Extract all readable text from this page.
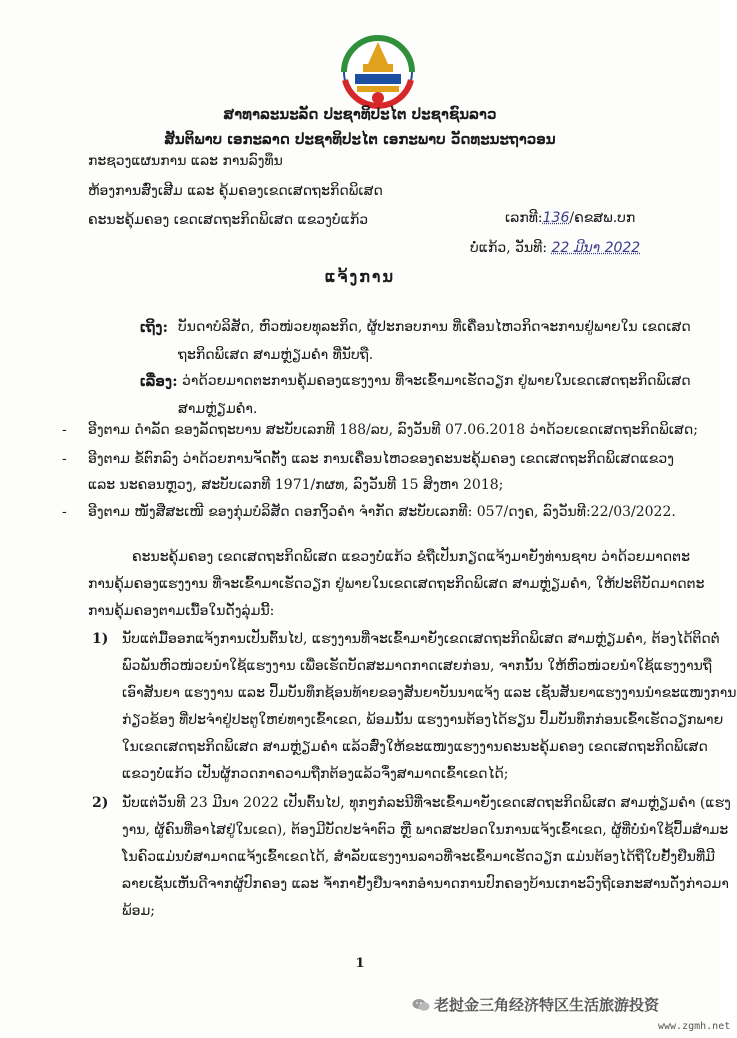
ສາທາລະນະລັດ ປະຊາທິປະໄຕ ປະຊາຊົນລາວ
ສັນຕິພາບ ເອກະລາດ ປະຊາທິປະໄຕ ເອກະພາບ ວັດທະນະຖາວອນ
ກະຊວງແຜນການ ແລະ ການລົງທຶນ
ຫ້ອງການສົ່ງເສີມ ແລະ ຄຸ້ມຄອງເຂດເສດຖະກິດພິເສດ
ຄະນະຄຸ້ມຄອງ ເຂດເສດຖະກິດພິເສດ ແຂວງບໍ່ແກ້ວ	ເລກທີ:136/ຄຂສພ.ບກ
ບໍ່ແກ້ວ, ວັນທີ: 22 ມີນາ 2022
ແຈ້ງການ
ເຖິງ: ບັນດາບໍລິສັດ, ຫົວໜ່ວຍທຸລະກິດ, ຜູ້ປະກອບການ ທີ່ເຄື່ອນໄຫວກິດຈະການຢູ່ພາຍໃນ ເຂດເສດ
ຖະກິດພິເສດ ສາມຫຼ່ຽມຄຳ ທີ່ນັບຖື.
ເລື່ອງ: ວ່າດ້ວຍມາດຕະການຄຸ້ມຄອງແຮງງານ ທີ່ຈະເຂົ້າມາເຮັດວຽກ ຢູ່ພາຍໃນເຂດເສດຖະກິດພິເສດ
ສາມຫຼ່ຽມຄຳ.
- ອີງຕາມ ດຳລັດ ຂອງລັດຖະບານ ສະບັບເລກທີ 188/ລບ, ລົງວັນທີ 07.06.2018 ວ່າດ້ວຍເຂດເສດຖະກິດພິເສດ;
- ອີງຕາມ ຂໍ້ຕົກລົງ ວ່າດ້ວຍການຈັດຕັ້ງ ແລະ ການເຄື່ອນໄຫວຂອງຄະນະຄຸ້ມຄອງ ເຂດເສດຖະກິດພິເສດແຂວງ
ແລະ ນະຄອນຫຼວງ, ສະບັບເລກທີ 1971/ກຜທ, ລົງວັນທີ 15 ສິງຫາ 2018;
- ອີງຕາມ ໜັງສືສະເໜີ ຂອງກຸ່ມບໍລິສັດ ດອກງິ້ວຄຳ ຈຳກັດ ສະບັບເລກທີ: 057/ດງຄ, ລົງວັນທີ:22/03/2022.
ຄະນະຄຸ້ມຄອງ ເຂດເສດຖະກິດພິເສດ ແຂວງບໍ່ແກ້ວ ຂໍຖືເປັນກຽດແຈ້ງມາຍັງທ່ານຊາບ ວ່າດ້ວຍມາດຕະ
ການຄຸ້ມຄອງແຮງງານ ທີ່ຈະເຂົ້າມາເຮັດວຽກ ຢູ່ພາຍໃນເຂດເສດຖະກິດພິເສດ ສາມຫຼ່ຽມຄຳ, ໃຫ້ປະຕິບັດມາດຕະ
ການຄຸ້ມຄອງຕາມເນື້ອໃນດັ່ງລຸ່ມນີ້:
1) ນັບແຕ່ມື້ອອກແຈ້ງການເປັນຕົ້ນໄປ, ແຮງງານທີ່ຈະເຂົ້າມາຍັງເຂດເສດຖະກິດພິເສດ ສາມຫຼ່ຽມຄຳ, ຕ້ອງໄດ້ຕິດຕໍ່
ພົວພັນຫົວໜ່ວຍນຳໃຊ້ແຮງງານ ເພື່ອເຮັດບັດສະມາດກາດເສຍກ່ອນ, ຈາກນັ້ນ ໃຫ້ຫົວໜ່ວຍນຳໃຊ້ແຮງງານຖື
ເອົາສັນຍາ ແຮງງານ ແລະ ປຶ້ມບັນທຶກຊ້ອນທ້າຍຂອງສັນຍາບັນນາແຈ້ງ ແລະ ເຊັນສັນຍາແຮງງານນຳຂະແໜງການ
ກ່ຽວຂ້ອງ ທີ່ປະຈຳຢູ່ປະຕູໃຫຍ່ທາງເຂົ້າເຂດ, ພ້ອມນັ້ນ ແຮງງານຕ້ອງໄດ້ຮຽນ ປຶ້ມບັນທຶກກ່ອນເຂົ້າເຮັດວຽກພາຍ
ໃນເຂດເສດຖະກິດພິເສດ ສາມຫຼ່ຽມຄຳ ແລ້ວສົ່ງໃຫ້ຂະແໜງແຮງງານຄະນະຄຸ້ມຄອງ ເຂດເສດຖະກິດພິເສດ
ແຂວງບໍ່ແກ້ວ ເປັນຜູ້ກວດກາຄວາມຖືກຕ້ອງແລ້ວຈຶ່ງສາມາດເຂົ້າເຂດໄດ້;
2) ນັບແຕ່ວັນທີ 23 ມີນາ 2022 ເປັນຕົ້ນໄປ, ທຸກໆກໍລະນີທີ່ຈະເຂົ້າມາຍັງເຂດເສດຖະກິດພິເສດ ສາມຫຼ່ຽມຄຳ (ແຮງ
ງານ, ຜູ້ຄົນທີ່ອາໄສຢູ່ໃນເຂດ), ຕ້ອງມີບັດປະຈຳຕົວ ຫຼື ພາດສະປອດໃນການແຈ້ງເຂົ້າເຂດ, ຜູ້ທີ່ບໍ່ນຳໃຊ້ປຶ້ມສຳມະ
ໂນຄົວແມ່ນບໍ່ສາມາດແຈ້ງເຂົ້າເຂດໄດ້, ສຳລັບແຮງງານລາວທີ່ຈະເຂົ້າມາເຮັດວຽກ ແມ່ນຕ້ອງໄດ້ຖືໃບຢັ້ງຢືນທີ່ມີ
ລາຍເຊັນເຫັນດີຈາກຜູ້ປົກຄອງ ແລະ ຈ້ຳກາຢັ້ງຢືນຈາກອຳນາດການປົກຄອງບ້ານເກາະວົງຖີເອກະສານດັ່ງກ່າວມາ
ພ້ອມ;
1
老挝金三角经济特区生活旅游投资
www.zgmh.net
